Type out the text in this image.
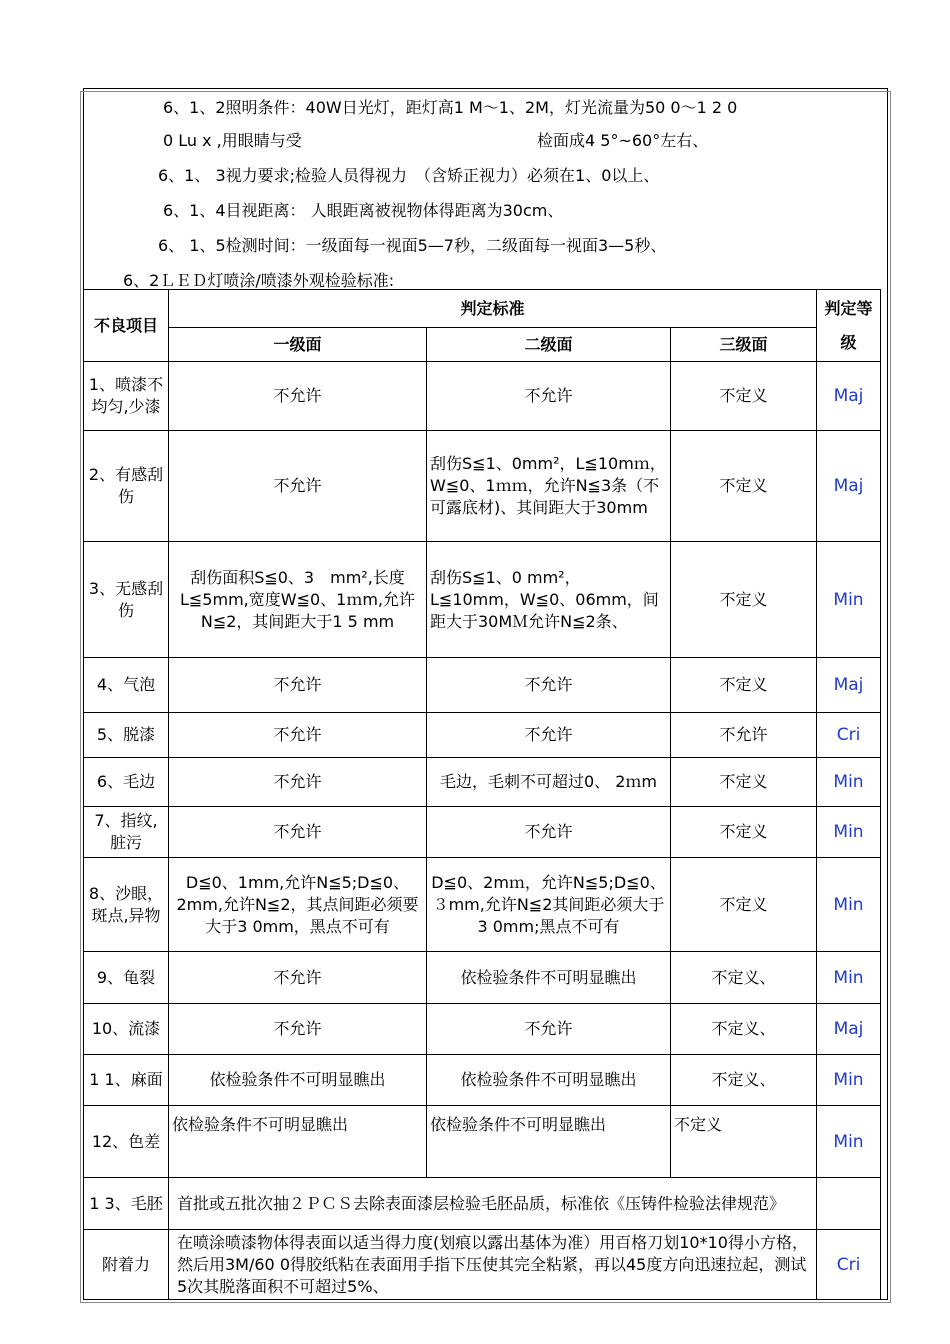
6、1、2照明条件：40W日光灯，距灯高1 M～1、2M，灯光流量为50 0～1 2 0

0 Lu x ,用眼睛与受	检面成4 5°~60°左右、

6、1、 3视力要求;检验人员得视力　（含矫正视力）必须在1、0以上、

6、1、4目视距离： 人眼距离被视物体得距离为30cm、

6、 1、5检测时间：一级面每一视面5—7秒，二级面每一视面3—5秒、

6、2ＬＥＤ灯喷涂/喷漆外观检验标准:

不良项目	判定标准			判定等级
	一级面	二级面	三级面	
1、喷漆不均匀,少漆	不允许	不允许	不定义	Maj
2、有感刮伤	不允许	刮伤S≦1、0mm²，L≦10mｍ，W≦0、1ｍｍ，允许N≦3条（不可露底材)、其间距大于30mm	不定义	Maj
3、无感刮伤	刮伤面积S≦0、3　mm²,长度L≦5mm,宽度W≦0、1ｍm,允许N≦2，其间距大于1 5 mm	刮伤S≦1、0 mm²，L≦10mm，W≦0、06mm，间距大于30MＭ允许N≦2条、	不定义	Min
4、气泡	不允许	不允许	不定义	Maj
5、脱漆	不允许	不允许	不允许	Cri
6、毛边	不允许	毛边，毛刺不可超过0、 2ｍm	不定义	Min
7、指纹,脏污	不允许	不允许	不定义	Min
8、沙眼，斑点,异物	D≦0、1mm,允许N≦5;D≦0、2mm,允许N≦2，其点间距必须要大于3 0mm，黑点不可有	D≦0、2mｍ，允许N≦5;D≦0、３mm,允许N≦2其间距必须大于3 0mm;黑点不可有	不定义	Min
9、龟裂	不允许	依检验条件不可明显瞧出	不定义、	Min
10、流漆	不允许	不允许	不定义、	Maj
1 1、麻面	依检验条件不可明显瞧出	依检验条件不可明显瞧出	不定义、	Min
12、色差	依检验条件不可明显瞧出	依检验条件不可明显瞧出	不定义	Min
1 3、毛胚	首批或五批次抽２ＰＣＳ去除表面漆层检验毛胚品质，标准依《压铸件检验法律规范》			
附着力	在喷涂喷漆物体得表面以适当得力度(划痕以露出基体为准）用百格刀划10*10得小方格，然后用3M/60 0得胶纸粘在表面用手指下压使其完全粘紧，再以45度方向迅速拉起，测试5次其脱落面积不可超过5%、			Cri
